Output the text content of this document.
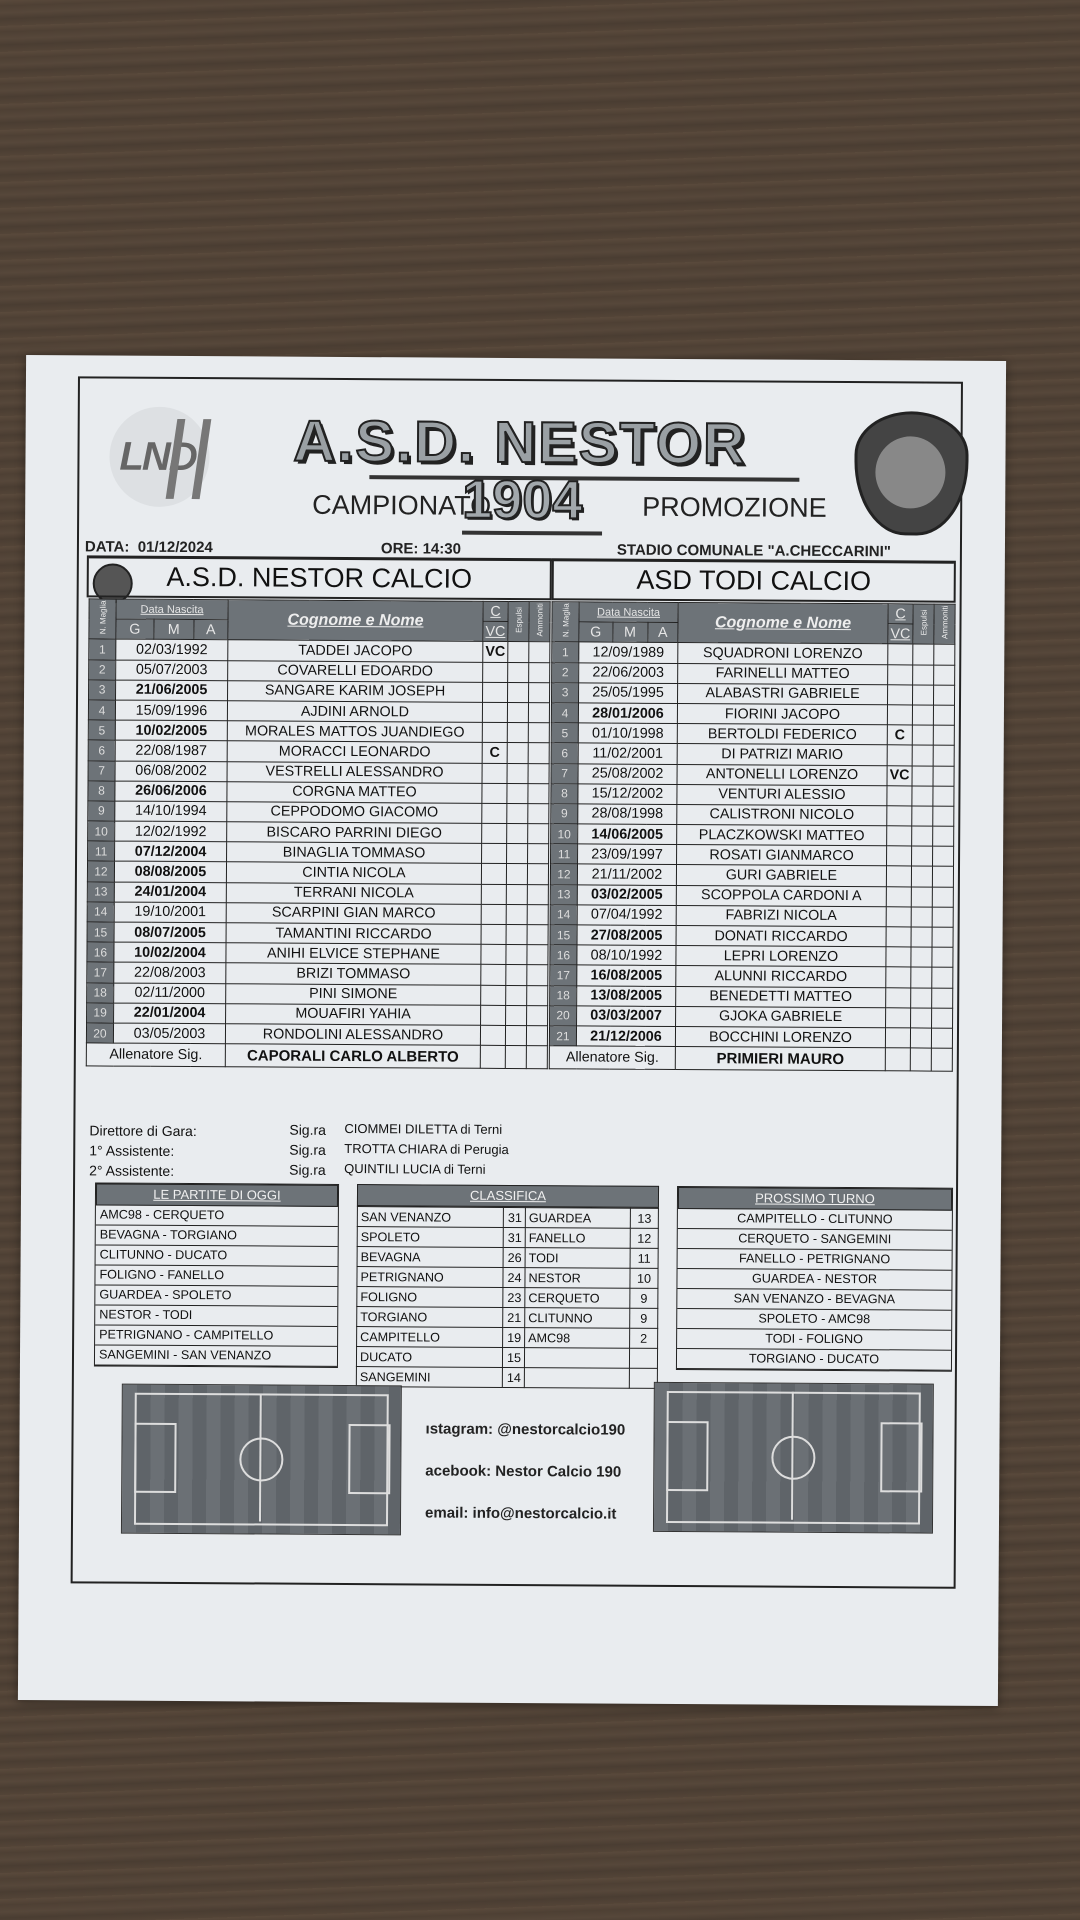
LND	A.S.D. NESTOR
CAMPIONATO
1904 PROMOZIONE
DATA: 01/12/2024	ORE: 14:30	STADIO COMUNALE "A.CHECCARINI"
A.S.D. NESTOR CALCIO	ASD TODI CALCIO
N. Maglia	Data Nascita			Cognome e Nome	C	Espulsi	Ammoniti
	G	M	A		VC		
1	02/03/1992			TADDEI JACOPO	VC		
2	05/07/2003			COVARELLI EDOARDO			
3	21/06/2005			SANGARE KARIM JOSEPH			
4	15/09/1996			AJDINI ARNOLD			
5	10/02/2005			MORALES MATTOS JUANDIEGO			
6	22/08/1987			MORACCI LEONARDO	C		
7	06/08/2002			VESTRELLI ALESSANDRO			
8	26/06/2006			CORGNA MATTEO			
9	14/10/1994			CEPPODOMO GIACOMO			
10	12/02/1992			BISCARO PARRINI DIEGO			
11	07/12/2004			BINAGLIA TOMMASO			
12	08/08/2005			CINTIA NICOLA			
13	24/01/2004			TERRANI NICOLA			
14	19/10/2001			SCARPINI GIAN MARCO			
15	08/07/2005			TAMANTINI RICCARDO			
16	10/02/2004			ANIHI ELVICE STEPHANE			
17	22/08/2003			BRIZI TOMMASO			
18	02/11/2000			PINI SIMONE			
19	22/01/2004			MOUAFIRI YAHIA			
20	03/05/2003			RONDOLINI ALESSANDRO			
Allenatore Sig.				CAPORALI CARLO ALBERTO			
N. Maglia	Data Nascita			Cognome e Nome	C	Espulsi	Ammoniti
	G	M	A		VC		
1	12/09/1989			SQUADRONI LORENZO			
2	22/06/2003			FARINELLI MATTEO			
3	25/05/1995			ALABASTRI GABRIELE			
4	28/01/2006			FIORINI JACOPO			
5	01/10/1998			BERTOLDI FEDERICO	C		
6	11/02/2001			DI PATRIZI MARIO			
7	25/08/2002			ANTONELLI LORENZO	VC		
8	15/12/2002			VENTURI ALESSIO			
9	28/08/1998			CALISTRONI NICOLO			
10	14/06/2005			PLACZKOWSKI MATTEO			
11	23/09/1997			ROSATI GIANMARCO			
12	21/11/2002			GURI GABRIELE			
13	03/02/2005			SCOPPOLA CARDONI A			
14	07/04/1992			FABRIZI NICOLA			
15	27/08/2005			DONATI RICCARDO			
16	08/10/1992			LEPRI LORENZO			
17	16/08/2005			ALUNNI RICCARDO			
18	13/08/2005			BENEDETTI MATTEO			
20	03/03/2007			GJOKA GABRIELE			
21	21/12/2006			BOCCHINI LORENZO			
Allenatore Sig.				PRIMIERI MAURO			
Direttore di Gara:	Sig.ra CIOMMEI DILETTA di Terni
1° Assistente:	Sig.ra TROTTA CHIARA di Perugia
2° Assistente:	Sig.ra QUINTILI LUCIA di Terni
LE PARTITE DI OGGI
AMC98 - CERQUETO
BEVAGNA - TORGIANO
CLITUNNO - DUCATO
FOLIGNO - FANELLO
GUARDEA - SPOLETO
NESTOR - TODI
PETRIGNANO - CAMPITELLO
SANGEMINI - SAN VENANZO
CLASSIFICA
SAN VENANZO	31	GUARDEA	13
SPOLETO	31	FANELLO	12
BEVAGNA	26	TODI	11
PETRIGNANO	24	NESTOR	10
FOLIGNO	23	CERQUETO	9
TORGIANO	21	CLITUNNO	9
CAMPITELLO	19	AMC98	2
DUCATO	15		
SANGEMINI	14		
PROSSIMO TURNO
CAMPITELLO - CLITUNNO
CERQUETO - SANGEMINI
FANELLO - PETRIGNANO
GUARDEA - NESTOR
SAN VENANZO - BEVAGNA
SPOLETO - AMC98
TODI - FOLIGNO
TORGIANO - DUCATO
ıstagram: @nestorcalcio190
acebook: Nestor Calcio 190
email: info@nestorcalcio.it
